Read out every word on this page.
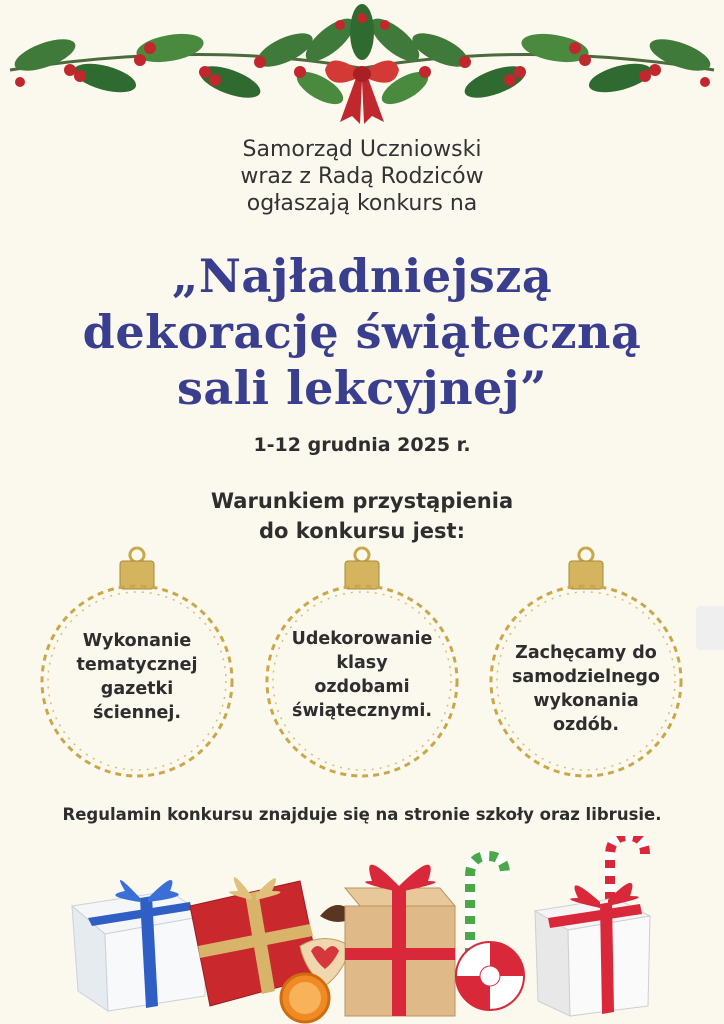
Samorząd Uczniowski
wraz z Radą Rodziców
ogłaszają konkurs na
„Najładniejszą
dekorację świąteczną
sali lekcyjnej”
1-12 grudnia 2025 r.
Warunkiem przystąpienia
do konkursu jest:
Wykonanie
tematycznej
gazetki
ściennej.
Udekorowanie
klasy
ozdobami
świątecznymi.
Zachęcamy do
samodzielnego
wykonania
ozdób.
Regulamin konkursu znajduje się na stronie szkoły oraz librusie.
